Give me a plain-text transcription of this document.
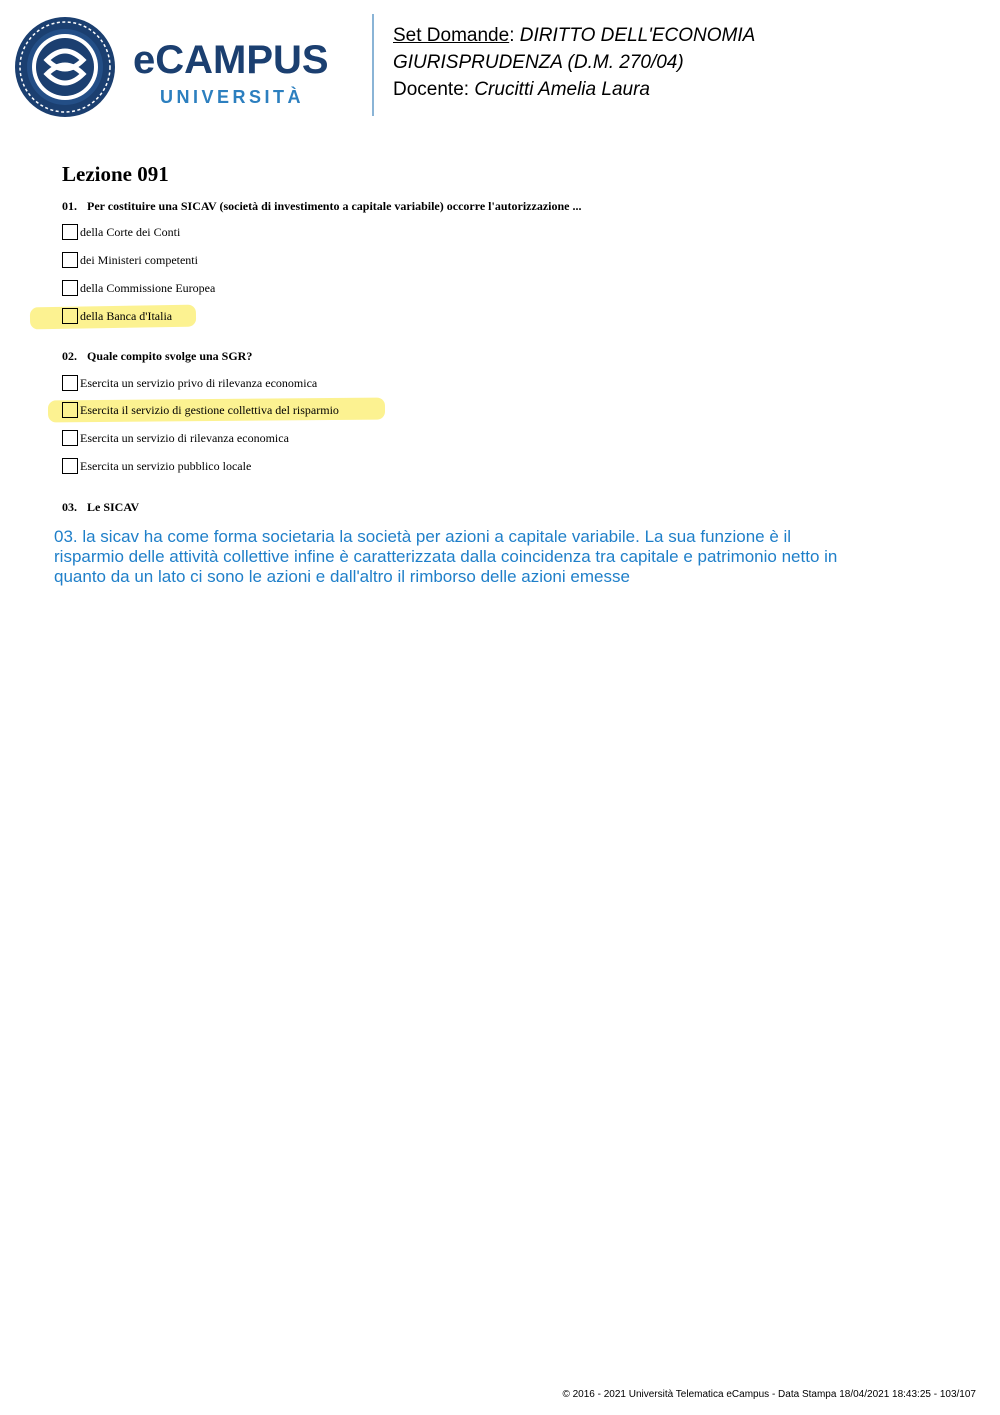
eCAMPUS
UNIVERSITÀ
Set Domande: DIRITTO DELL'ECONOMIA
GIURISPRUDENZA (D.M. 270/04)
Docente: Crucitti Amelia Laura
Lezione 091
01. Per costituire una SICAV (società di investimento a capitale variabile) occorre l'autorizzazione ...
della Corte dei Conti
dei Ministeri competenti
della Commissione Europea
della Banca d'Italia
02. Quale compito svolge una SGR?
Esercita un servizio privo di rilevanza economica
Esercita il servizio di gestione collettiva del risparmio
Esercita un servizio di rilevanza economica
Esercita un servizio pubblico locale
03. Le SICAV
03. la sicav ha come forma societaria la società per azioni a capitale variabile. La sua funzione è il risparmio delle attività collettive infine è caratterizzata dalla coincidenza tra capitale e patrimonio netto in quanto da un lato ci sono le azioni e dall'altro il rimborso delle azioni emesse
© 2016 - 2021 Università Telematica eCampus - Data Stampa 18/04/2021 18:43:25 - 103/107
